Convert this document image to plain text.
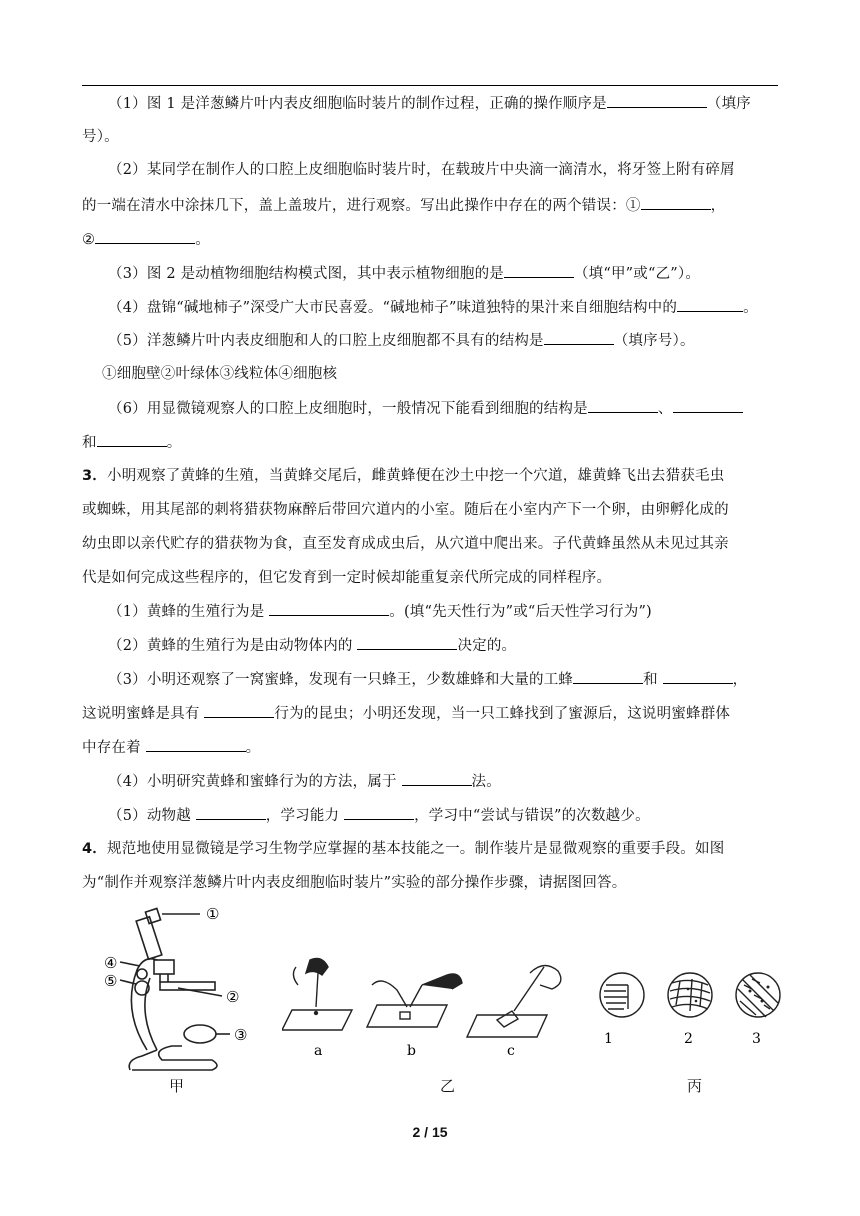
（1）图 1 是洋葱鳞片叶内表皮细胞临时装片的制作过程，正确的操作顺序是	（填序
号）。
（2）某同学在制作人的口腔上皮细胞临时装片时，在载玻片中央滴一滴清水，将牙签上附有碎屑
的一端在清水中涂抹几下，盖上盖玻片，进行观察。写出此操作中存在的两个错误：①	，
②	。
（3）图 2 是动植物细胞结构模式图，其中表示植物细胞的是	（填“甲”或“乙”）。
（4）盘锦“碱地柿子”深受广大市民喜爱。“碱地柿子”味道独特的果汁来自细胞结构中的	。
（5）洋葱鳞片叶内表皮细胞和人的口腔上皮细胞都不具有的结构是	（填序号）。
①细胞壁②叶绿体③线粒体④细胞核
（6）用显微镜观察人的口腔上皮细胞时，一般情况下能看到细胞的结构是	、
和	。
3．小明观察了黄蜂的生殖，当黄蜂交尾后，雌黄蜂便在沙土中挖一个穴道，雄黄蜂飞出去猎获毛虫
或蜘蛛，用其尾部的刺将猎获物麻醉后带回穴道内的小室。随后在小室内产下一个卵，由卵孵化成的
幼虫即以亲代贮存的猎获物为食，直至发育成成虫后，从穴道中爬出来。子代黄蜂虽然从未见过其亲
代是如何完成这些程序的，但它发育到一定时候却能重复亲代所完成的同样程序。
（1）黄蜂的生殖行为是	。(填“先天性行为”或“后天性学习行为”)
（2）黄蜂的生殖行为是由动物体内的	决定的。
（3）小明还观察了一窝蜜蜂，发现有一只蜂王，少数雄蜂和大量的工蜂	和	，
这说明蜜蜂是具有	行为的昆虫；小明还发现，当一只工蜂找到了蜜源后，这说明蜜蜂群体
中存在着	。
（4）小明研究黄蜂和蜜蜂行为的方法，属于	法。
（5）动物越	，学习能力	，学习中“尝试与错误”的次数越少。
4．规范地使用显微镜是学习生物学应掌握的基本技能之一。制作装片是显微观察的重要手段。如图
为“制作并观察洋葱鳞片叶内表皮细胞临时装片”实验的部分操作步骤，请据图回答。
①
②
③
④
⑤
甲
a	b	c
乙
1	2	3
丙
2 / 15
